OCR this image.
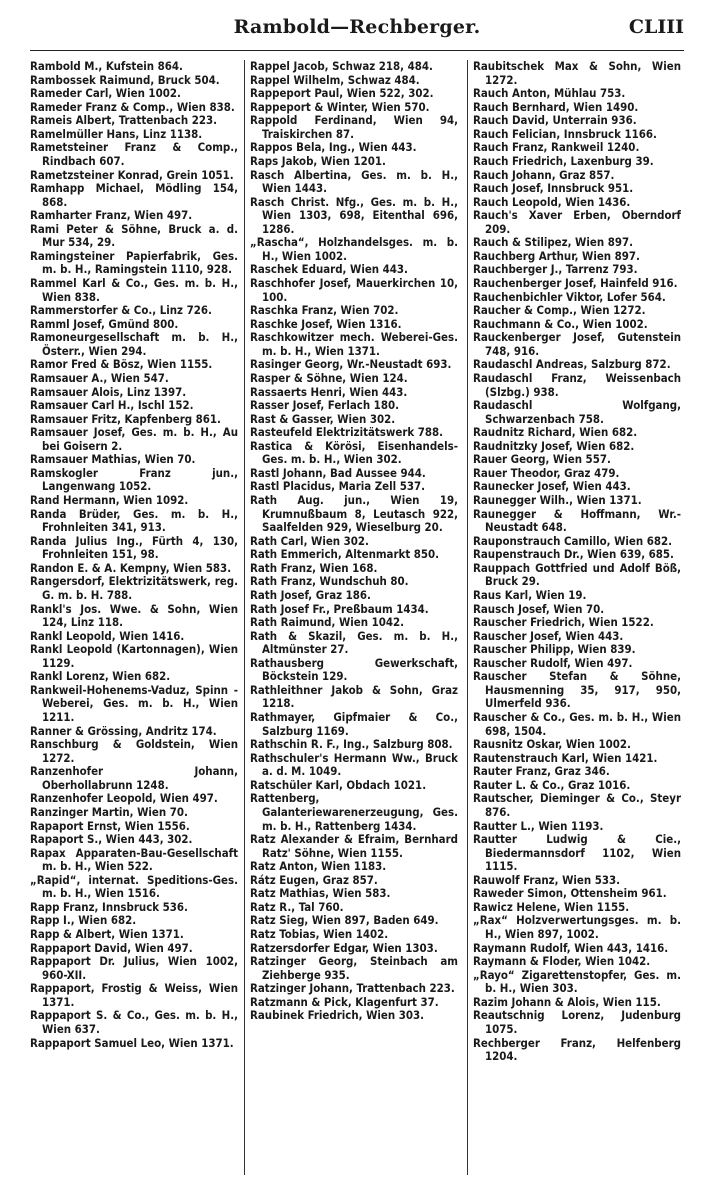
Rambold—Rechberger.	CLIII

Rambold M., Kufstein 864.

Rambossek Raimund, Bruck 504.

Rameder Carl, Wien 1002.

Rameder Franz & Comp., Wien 838.

Rameis Albert, Trattenbach 223.

Ramelmüller Hans, Linz 1138.

Rametsteiner Franz & Comp., Rindbach 607.

Rametzsteiner Konrad, Grein 1051.

Ramhapp Michael, Mödling 154, 868.

Ramharter Franz, Wien 497.

Rami Peter & Söhne, Bruck a. d. Mur 534, 29.

Ramingsteiner Papierfabrik, Ges. m. b. H., Ramingstein 1110, 928.

Rammel Karl & Co., Ges. m. b. H., Wien 838.

Rammerstorfer & Co., Linz 726.

Ramml Josef, Gmünd 800.

Ramoneurgesellschaft m. b. H., Österr., Wien 294.

Ramor Fred & Bösz, Wien 1155.

Ramsauer A., Wien 547.

Ramsauer Alois, Linz 1397.

Ramsauer Carl H., Ischl 152.

Ramsauer Fritz, Kapfenberg 861.

Ramsauer Josef, Ges. m. b. H., Au bei Goisern 2.

Ramsauer Mathias, Wien 70.

Ramskogler Franz jun., Langenwang 1052.

Rand Hermann, Wien 1092.

Randa Brüder, Ges. m. b. H., Frohnleiten 341, 913.

Randa Julius Ing., Fürth 4, 130, Frohnleiten 151, 98.

Randon E. & A. Kempny, Wien 583.

Rangersdorf, Elektrizitätswerk, reg. G. m. b. H. 788.

Rankl's Jos. Wwe. & Sohn, Wien 124, Linz 118.

Rankl Leopold, Wien 1416.

Rankl Leopold (Kartonnagen), Wien 1129.

Rankl Lorenz, Wien 682.

Rankweil-Hohenems-Vaduz, Spinn - Weberei, Ges. m. b. H., Wien 1211.

Ranner & Grössing, Andritz 174.

Ranschburg & Goldstein, Wien 1272.

Ranzenhofer Johann, Oberhollabrunn 1248.

Ranzenhofer Leopold, Wien 497.

Ranzinger Martin, Wien 70.

Rapaport Ernst, Wien 1556.

Rapaport S., Wien 443, 302.

Rapax Apparaten-Bau-Gesellschaft m. b. H., Wien 522.

„Rapid“, internat. Speditions-Ges. m. b. H., Wien 1516.

Rapp Franz, Innsbruck 536.

Rapp I., Wien 682.

Rapp & Albert, Wien 1371.

Rappaport David, Wien 497.

Rappaport Dr. Julius, Wien 1002, 960-XII.

Rappaport, Frostig & Weiss, Wien 1371.

Rappaport S. & Co., Ges. m. b. H., Wien 637.

Rappaport Samuel Leo, Wien 1371.

Rappel Jacob, Schwaz 218, 484.

Rappel Wilhelm, Schwaz 484.

Rappeport Paul, Wien 522, 302.

Rappeport & Winter, Wien 570.

Rappold Ferdinand, Wien 94, Traiskirchen 87.

Rappos Bela, Ing., Wien 443.

Raps Jakob, Wien 1201.

Rasch Albertina, Ges. m. b. H., Wien 1443.

Rasch Christ. Nfg., Ges. m. b. H., Wien 1303, 698, Eitenthal 696, 1286.

„Rascha“, Holzhandelsges. m. b. H., Wien 1002.

Raschek Eduard, Wien 443.

Raschhofer Josef, Mauerkirchen 10, 100.

Raschka Franz, Wien 702.

Raschke Josef, Wien 1316.

Raschkowitzer mech. Weberei-Ges. m. b. H., Wien 1371.

Rasinger Georg, Wr.-Neustadt 693.

Rasper & Söhne, Wien 124.

Rassaerts Henri, Wien 443.

Rasser Josef, Ferlach 180.

Rast & Gasser, Wien 302.

Rasteufeld Elektrizitätswerk 788.

Rastica & Körösi, Eisenhandels-Ges. m. b. H., Wien 302.

Rastl Johann, Bad Aussee 944.

Rastl Placidus, Maria Zell 537.

Rath Aug. jun., Wien 19, Krumnußbaum 8, Leutasch 922, Saalfelden 929, Wieselburg 20.

Rath Carl, Wien 302.

Rath Emmerich, Altenmarkt 850.

Rath Franz, Wien 168.

Rath Franz, Wundschuh 80.

Rath Josef, Graz 186.

Rath Josef Fr., Preßbaum 1434.

Rath Raimund, Wien 1042.

Rath & Skazil, Ges. m. b. H., Altmünster 27.

Rathausberg Gewerkschaft, Böckstein 129.

Rathleithner Jakob & Sohn, Graz 1218.

Rathmayer, Gipfmaier & Co., Salzburg 1169.

Rathschin R. F., Ing., Salzburg 808.

Rathschuler's Hermann Ww., Bruck a. d. M. 1049.

Ratschüler Karl, Obdach 1021.

Rattenberg, Galanteriewarenerzeugung, Ges. m. b. H., Rattenberg 1434.

Ratz Alexander & Efraim, Bernhard Ratz' Söhne, Wien 1155.

Ratz Anton, Wien 1183.

Rátz Eugen, Graz 857.

Ratz Mathias, Wien 583.

Ratz R., Tal 760.

Ratz Sieg, Wien 897, Baden 649.

Ratz Tobias, Wien 1402.

Ratzersdorfer Edgar, Wien 1303.

Ratzinger Georg, Steinbach am Ziehberge 935.

Ratzinger Johann, Trattenbach 223.

Ratzmann & Pick, Klagenfurt 37.

Raubinek Friedrich, Wien 303.

Raubitschek Max & Sohn, Wien 1272.

Rauch Anton, Mühlau 753.

Rauch Bernhard, Wien 1490.

Rauch David, Unterrain 936.

Rauch Felician, Innsbruck 1166.

Rauch Franz, Rankweil 1240.

Rauch Friedrich, Laxenburg 39.

Rauch Johann, Graz 857.

Rauch Josef, Innsbruck 951.

Rauch Leopold, Wien 1436.

Rauch's Xaver Erben, Oberndorf 209.

Rauch & Stilipez, Wien 897.

Rauchberg Arthur, Wien 897.

Rauchberger J., Tarrenz 793.

Rauchenberger Josef, Hainfeld 916.

Rauchenbichler Viktor, Lofer 564.

Raucher & Comp., Wien 1272.

Rauchmann & Co., Wien 1002.

Rauckenberger Josef, Gutenstein 748, 916.

Raudaschl Andreas, Salzburg 872.

Raudaschl Franz, Weissenbach (Slzbg.) 938.

Raudaschl Wolfgang, Schwarzenbach 758.

Raudnitz Richard, Wien 682.

Raudnitzky Josef, Wien 682.

Rauer Georg, Wien 557.

Rauer Theodor, Graz 479.

Raunecker Josef, Wien 443.

Raunegger Wilh., Wien 1371.

Raunegger & Hoffmann, Wr.-Neustadt 648.

Rauponstrauch Camillo, Wien 682.

Raupenstrauch Dr., Wien 639, 685.

Rauppach Gottfried und Adolf Böß, Bruck 29.

Raus Karl, Wien 19.

Rausch Josef, Wien 70.

Rauscher Friedrich, Wien 1522.

Rauscher Josef, Wien 443.

Rauscher Philipp, Wien 839.

Rauscher Rudolf, Wien 497.

Rauscher Stefan & Söhne, Hausmenning 35, 917, 950, Ulmerfeld 936.

Rauscher & Co., Ges. m. b. H., Wien 698, 1504.

Rausnitz Oskar, Wien 1002.

Rautenstrauch Karl, Wien 1421.

Rauter Franz, Graz 346.

Rauter L. & Co., Graz 1016.

Rautscher, Dieminger & Co., Steyr 876.

Rautter L., Wien 1193.

Rautter Ludwig & Cie., Biedermannsdorf 1102, Wien 1115.

Rauwolf Franz, Wien 533.

Raweder Simon, Ottensheim 961.

Rawicz Helene, Wien 1155.

„Rax“ Holzverwertungsges. m. b. H., Wien 897, 1002.

Raymann Rudolf, Wien 443, 1416.

Raymann & Floder, Wien 1042.

„Rayo“ Zigarettenstopfer, Ges. m. b. H., Wien 303.

Razim Johann & Alois, Wien 115.

Reautschnig Lorenz, Judenburg 1075.

Rechberger Franz, Helfenberg 1204.
